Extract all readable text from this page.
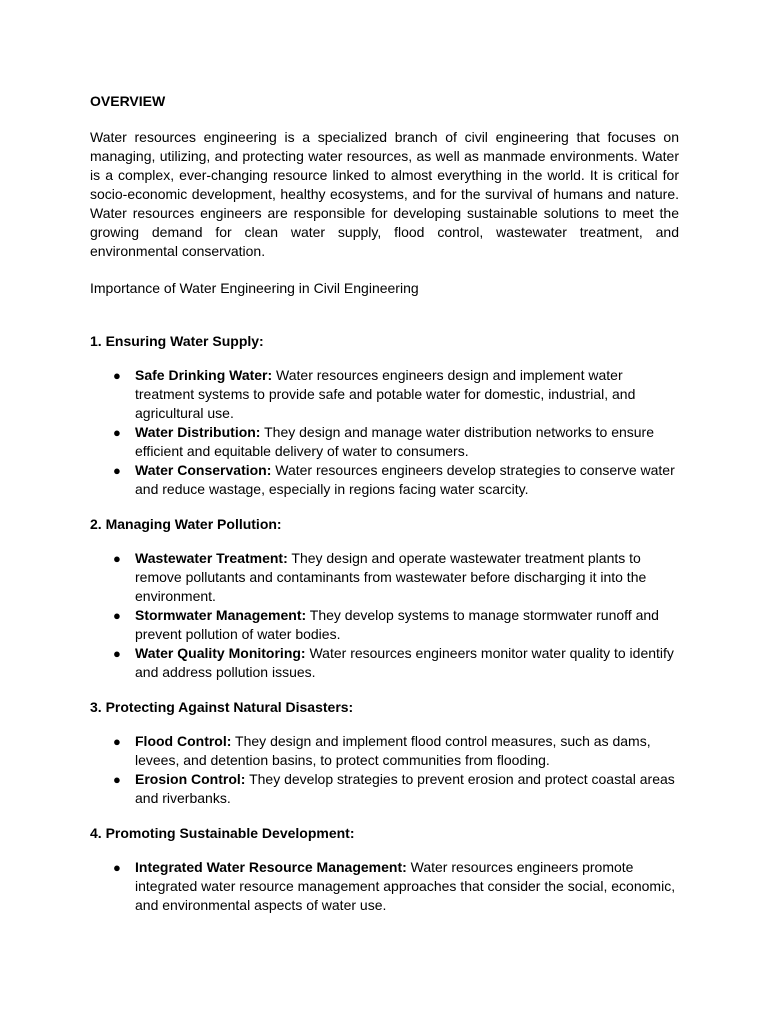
OVERVIEW

Water resources engineering is a specialized branch of civil engineering that focuses on managing, utilizing, and protecting water resources, as well as manmade environments. Water is a complex, ever-changing resource linked to almost everything in the world. It is critical for socio-economic development, healthy ecosystems, and for the survival of humans and nature. Water resources engineers are responsible for developing sustainable solutions to meet the growing demand for clean water supply, flood control, wastewater treatment, and environmental conservation.

Importance of Water Engineering in Civil Engineering

1. Ensuring Water Supply:

● Safe Drinking Water: Water resources engineers design and implement water treatment systems to provide safe and potable water for domestic, industrial, and agricultural use.
● Water Distribution: They design and manage water distribution networks to ensure efficient and equitable delivery of water to consumers.
● Water Conservation: Water resources engineers develop strategies to conserve water and reduce wastage, especially in regions facing water scarcity.

2. Managing Water Pollution:

● Wastewater Treatment: They design and operate wastewater treatment plants to remove pollutants and contaminants from wastewater before discharging it into the environment.
● Stormwater Management: They develop systems to manage stormwater runoff and prevent pollution of water bodies.
● Water Quality Monitoring: Water resources engineers monitor water quality to identify and address pollution issues.

3. Protecting Against Natural Disasters:

● Flood Control: They design and implement flood control measures, such as dams, levees, and detention basins, to protect communities from flooding.
● Erosion Control: They develop strategies to prevent erosion and protect coastal areas and riverbanks.

4. Promoting Sustainable Development:

● Integrated Water Resource Management: Water resources engineers promote integrated water resource management approaches that consider the social, economic, and environmental aspects of water use.
